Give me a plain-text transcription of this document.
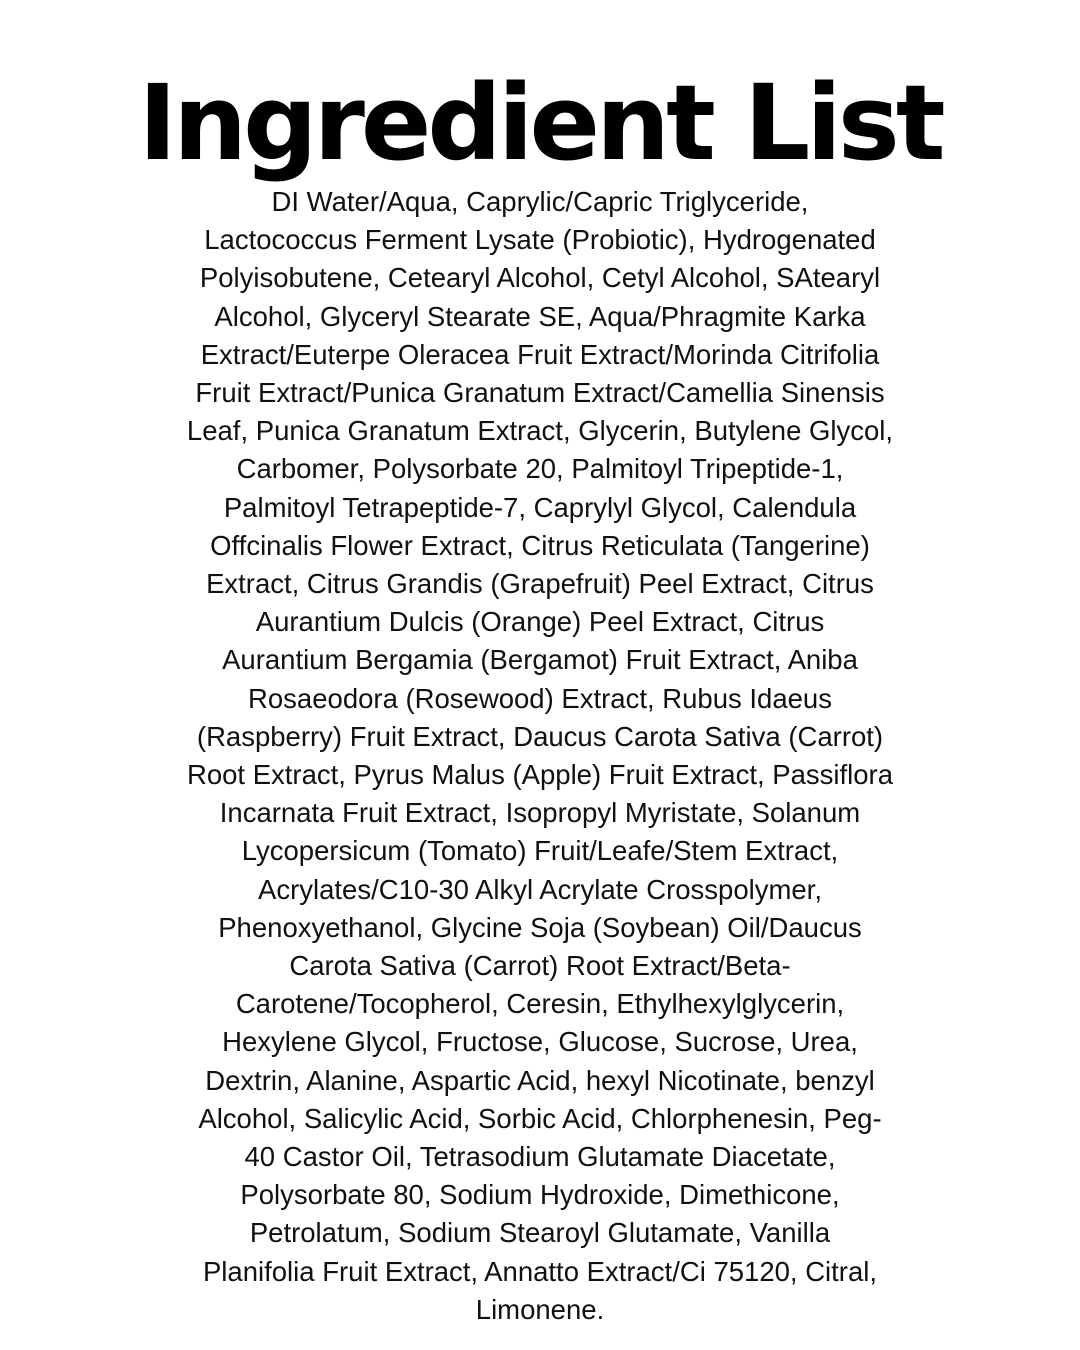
Ingredient List

DI Water/Aqua, Caprylic/Capric Triglyceride,
Lactococcus Ferment Lysate (Probiotic), Hydrogenated
Polyisobutene, Cetearyl Alcohol, Cetyl Alcohol, SAtearyl
Alcohol, Glyceryl Stearate SE, Aqua/Phragmite Karka
Extract/Euterpe Oleracea Fruit Extract/Morinda Citrifolia
Fruit Extract/Punica Granatum Extract/Camellia Sinensis
Leaf, Punica Granatum Extract, Glycerin, Butylene Glycol,
Carbomer, Polysorbate 20, Palmitoyl Tripeptide-1,
Palmitoyl Tetrapeptide-7, Caprylyl Glycol, Calendula
Offcinalis Flower Extract, Citrus Reticulata (Tangerine)
Extract, Citrus Grandis (Grapefruit) Peel Extract, Citrus
Aurantium Dulcis (Orange) Peel Extract, Citrus
Aurantium Bergamia (Bergamot) Fruit Extract, Aniba
Rosaeodora (Rosewood) Extract, Rubus Idaeus
(Raspberry) Fruit Extract, Daucus Carota Sativa (Carrot)
Root Extract, Pyrus Malus (Apple) Fruit Extract, Passiflora
Incarnata Fruit Extract, Isopropyl Myristate, Solanum
Lycopersicum (Tomato) Fruit/Leafe/Stem Extract,
Acrylates/C10-30 Alkyl Acrylate Crosspolymer,
Phenoxyethanol, Glycine Soja (Soybean) Oil/Daucus
Carota Sativa (Carrot) Root Extract/Beta-
Carotene/Tocopherol, Ceresin, Ethylhexylglycerin,
Hexylene Glycol, Fructose, Glucose, Sucrose, Urea,
Dextrin, Alanine, Aspartic Acid, hexyl Nicotinate, benzyl
Alcohol, Salicylic Acid, Sorbic Acid, Chlorphenesin, Peg-
40 Castor Oil, Tetrasodium Glutamate Diacetate,
Polysorbate 80, Sodium Hydroxide, Dimethicone,
Petrolatum, Sodium Stearoyl Glutamate, Vanilla
Planifolia Fruit Extract, Annatto Extract/Ci 75120, Citral,
Limonene.
